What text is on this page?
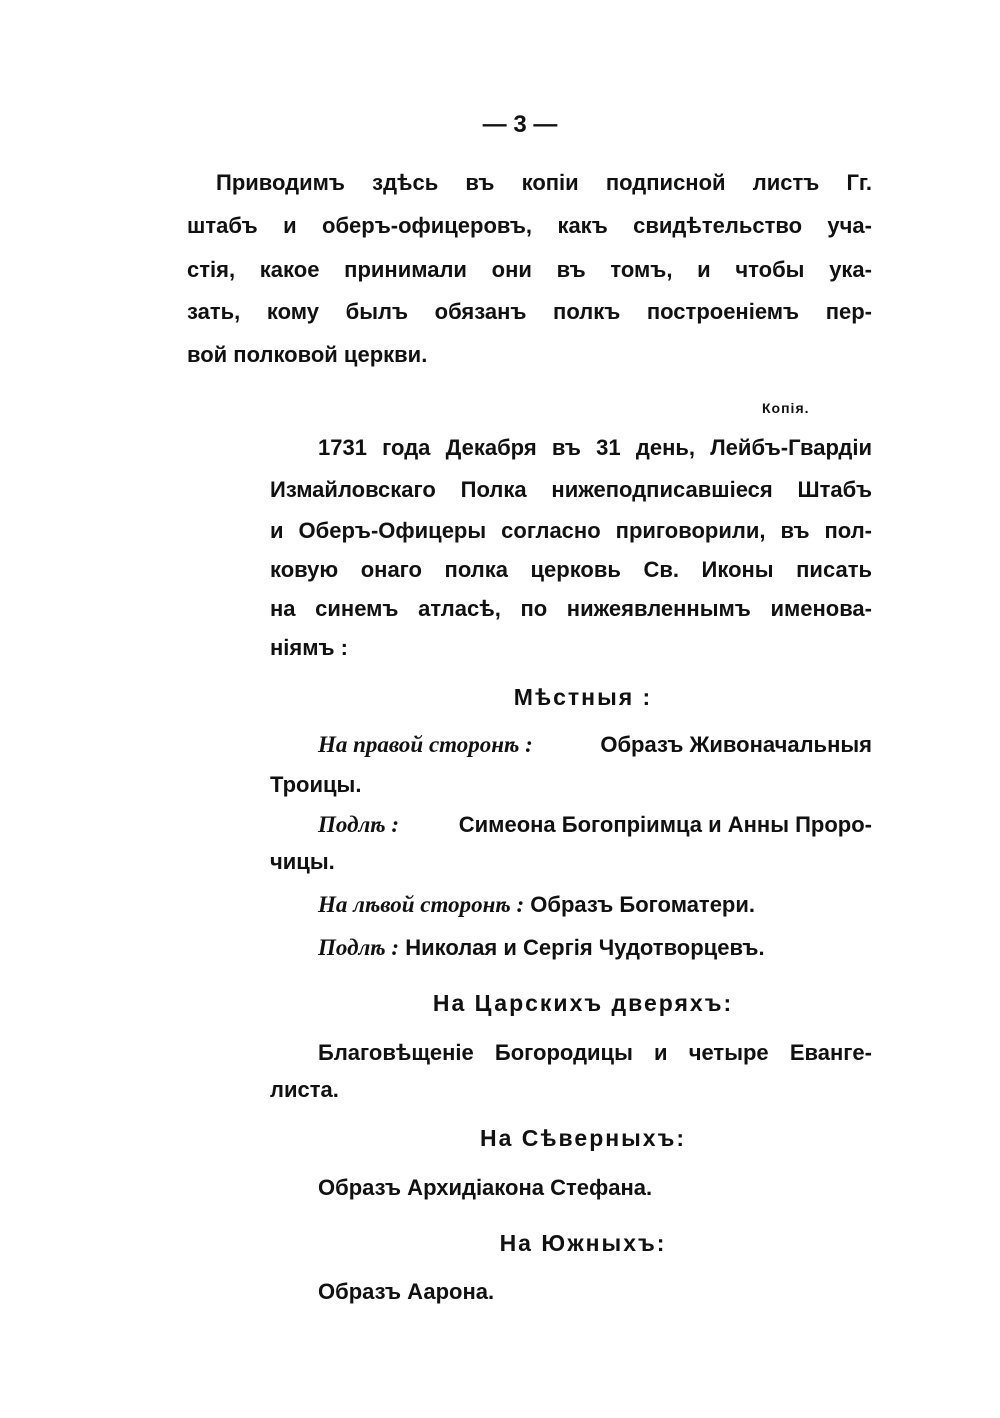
— 3 —
Приводимъ здѣсь въ копіи подписной листъ Гг.
штабъ и оберъ-офицеровъ, какъ свидѣтельство уча-
стія, какое принимали они въ томъ, и чтобы ука-
зать, кому былъ обязанъ полкъ построеніемъ пер-
вой полковой церкви.
Копія.
1731 года Декабря въ 31 день, Лейбъ-Гвардіи
Измайловскаго Полка нижеподписавшіеся Штабъ
и Оберъ-Офицеры согласно приговорили, въ пол-
ковую онаго полка церковь Св. Иконы писать
на синемъ атласѣ, по нижеявленнымъ именова-
ніямъ :
Мѣстныя :
На правой сторонѣ :	Образъ Живоначальныя
Троицы.
Подлѣ :	Симеона Богопріимца и Анны Проро-
чицы.
На лѣвой сторонѣ : Образъ Богоматери.
Подлѣ : Николая и Сергія Чудотворцевъ.
На Царскихъ дверяхъ:
Благовѣщеніе Богородицы и четыре Еванге-
листа.
На Сѣверныхъ:
Образъ Архидіакона Стефана.
На Южныхъ:
Образъ Аарона.
